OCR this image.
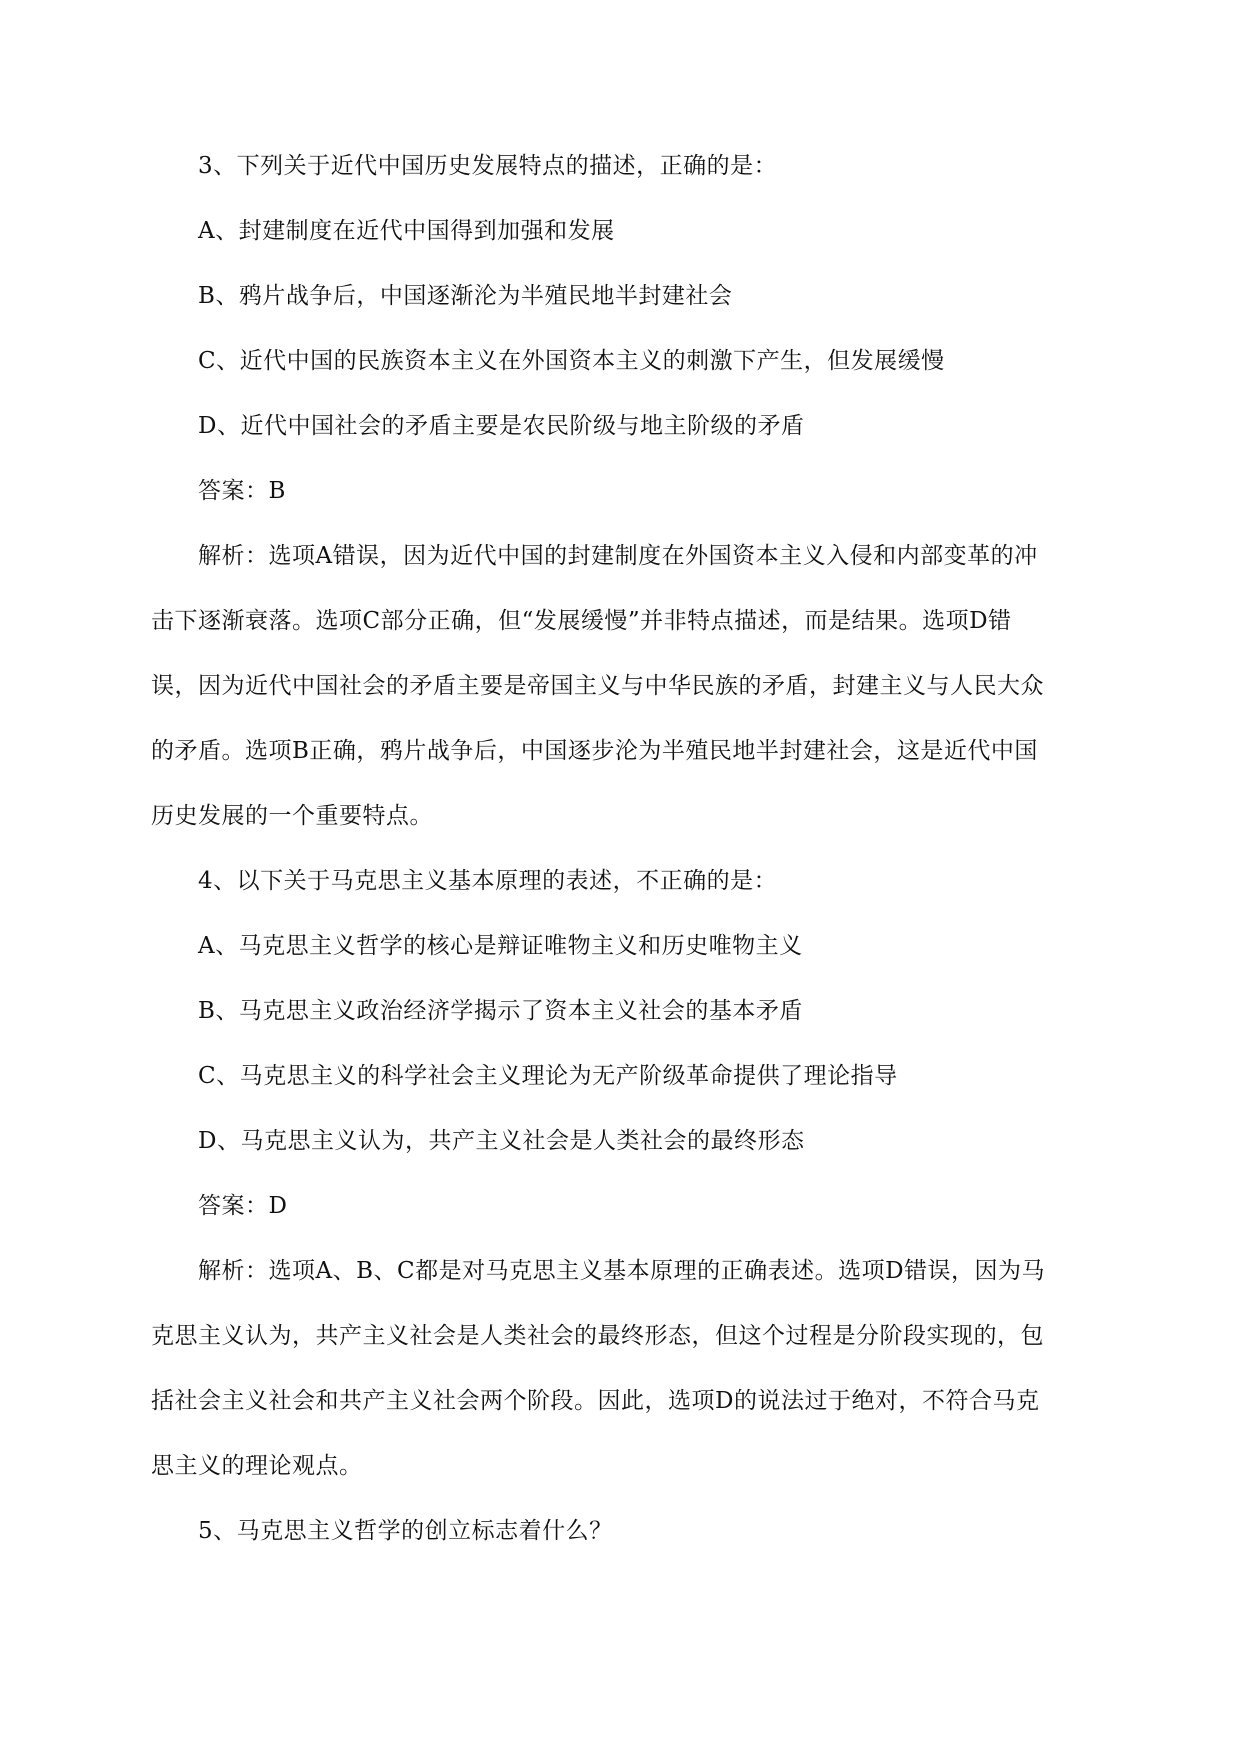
3、下列关于近代中国历史发展特点的描述，正确的是：
A、封建制度在近代中国得到加强和发展
B、鸦片战争后，中国逐渐沦为半殖民地半封建社会
C、近代中国的民族资本主义在外国资本主义的刺激下产生，但发展缓慢
D、近代中国社会的矛盾主要是农民阶级与地主阶级的矛盾
答案：B
解析：选项A错误，因为近代中国的封建制度在外国资本主义入侵和内部变革的冲
击下逐渐衰落。选项C部分正确，但“发展缓慢”并非特点描述，而是结果。选项D错
误，因为近代中国社会的矛盾主要是帝国主义与中华民族的矛盾，封建主义与人民大众
的矛盾。选项B正确，鸦片战争后，中国逐步沦为半殖民地半封建社会，这是近代中国
历史发展的一个重要特点。
4、以下关于马克思主义基本原理的表述，不正确的是：
A、马克思主义哲学的核心是辩证唯物主义和历史唯物主义
B、马克思主义政治经济学揭示了资本主义社会的基本矛盾
C、马克思主义的科学社会主义理论为无产阶级革命提供了理论指导
D、马克思主义认为，共产主义社会是人类社会的最终形态
答案：D
解析：选项A、B、C都是对马克思主义基本原理的正确表述。选项D错误，因为马
克思主义认为，共产主义社会是人类社会的最终形态，但这个过程是分阶段实现的，包
括社会主义社会和共产主义社会两个阶段。因此，选项D的说法过于绝对，不符合马克
思主义的理论观点。
5、马克思主义哲学的创立标志着什么？
